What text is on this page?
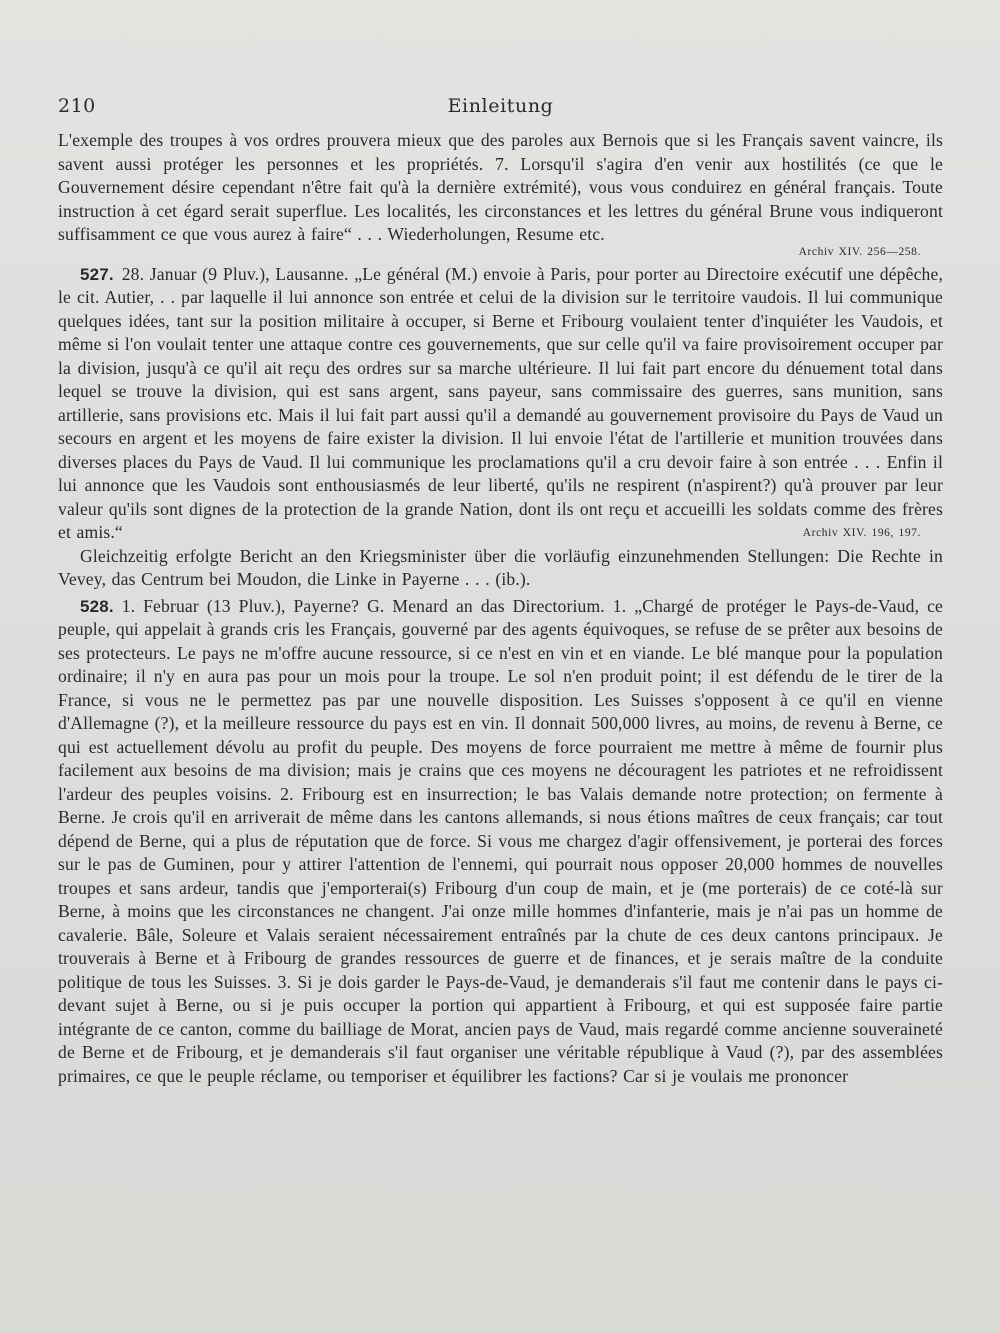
210	Einleitung

L'exemple des troupes à vos ordres prouvera mieux que des paroles aux Bernois que si les Français savent vaincre, ils savent aussi protéger les personnes et les propriétés. 7. Lorsqu'il s'agira d'en venir aux hostilités (ce que le Gouvernement désire cependant n'être fait qu'à la dernière extrémité), vous vous conduirez en général français. Toute instruction à cet égard serait superflue. Les localités, les circonstances et les lettres du général Brune vous indiqueront suffisamment ce que vous aurez à faire“ . . . Wiederholungen, Resume etc.

Archiv XIV. 256—258.

527. 28. Januar (9 Pluv.), Lausanne. „Le général (M.) envoie à Paris, pour porter au Directoire exécutif une dépêche, le cit. Autier, . . par laquelle il lui annonce son entrée et celui de la division sur le territoire vaudois. Il lui communique quelques idées, tant sur la position militaire à occuper, si Berne et Fribourg voulaient tenter d'inquiéter les Vaudois, et même si l'on voulait tenter une attaque contre ces gouvernements, que sur celle qu'il va faire provisoirement occuper par la division, jusqu'à ce qu'il ait reçu des ordres sur sa marche ultérieure. Il lui fait part encore du dénuement total dans lequel se trouve la division, qui est sans argent, sans payeur, sans commissaire des guerres, sans munition, sans artillerie, sans provisions etc. Mais il lui fait part aussi qu'il a demandé au gouvernement provisoire du Pays de Vaud un secours en argent et les moyens de faire exister la division. Il lui envoie l'état de l'artillerie et munition trouvées dans diverses places du Pays de Vaud. Il lui communique les proclamations qu'il a cru devoir faire à son entrée . . . Enfin il lui annonce que les Vaudois sont enthousiasmés de leur liberté, qu'ils ne respirent (n'aspirent?) qu'à prouver par leur valeur qu'ils sont dignes de la protection de la grande Nation, dont ils ont reçu et accueilli les soldats comme des frères et amis.“	Archiv XIV. 196, 197.

Gleichzeitig erfolgte Bericht an den Kriegsminister über die vorläufig einzunehmenden Stellungen: Die Rechte in Vevey, das Centrum bei Moudon, die Linke in Payerne . . . (ib.).

528. 1. Februar (13 Pluv.), Payerne? G. Menard an das Directorium. 1. „Chargé de protéger le Pays-de-Vaud, ce peuple, qui appelait à grands cris les Français, gouverné par des agents équivoques, se refuse de se prêter aux besoins de ses protecteurs. Le pays ne m'offre aucune ressource, si ce n'est en vin et en viande. Le blé manque pour la population ordinaire; il n'y en aura pas pour un mois pour la troupe. Le sol n'en produit point; il est défendu de le tirer de la France, si vous ne le permettez pas par une nouvelle disposition. Les Suisses s'opposent à ce qu'il en vienne d'Allemagne (?), et la meilleure ressource du pays est en vin. Il donnait 500,000 livres, au moins, de revenu à Berne, ce qui est actuellement dévolu au profit du peuple. Des moyens de force pourraient me mettre à même de fournir plus facilement aux besoins de ma division; mais je crains que ces moyens ne découragent les patriotes et ne refroidissent l'ardeur des peuples voisins. 2. Fribourg est en insurrection; le bas Valais demande notre protection; on fermente à Berne. Je crois qu'il en arriverait de même dans les cantons allemands, si nous étions maîtres de ceux français; car tout dépend de Berne, qui a plus de réputation que de force. Si vous me chargez d'agir offensivement, je porterai des forces sur le pas de Guminen, pour y attirer l'attention de l'ennemi, qui pourrait nous opposer 20,000 hommes de nouvelles troupes et sans ardeur, tandis que j'emporterai(s) Fribourg d'un coup de main, et je (me porterais) de ce coté-là sur Berne, à moins que les circonstances ne changent. J'ai onze mille hommes d'infanterie, mais je n'ai pas un homme de cavalerie. Bâle, Soleure et Valais seraient nécessairement entraînés par la chute de ces deux cantons principaux. Je trouverais à Berne et à Fribourg de grandes ressources de guerre et de finances, et je serais maître de la conduite politique de tous les Suisses. 3. Si je dois garder le Pays-de-Vaud, je demanderais s'il faut me contenir dans le pays ci-devant sujet à Berne, ou si je puis occuper la portion qui appartient à Fribourg, et qui est supposée faire partie intégrante de ce canton, comme du bailliage de Morat, ancien pays de Vaud, mais regardé comme ancienne souveraineté de Berne et de Fribourg, et je demanderais s'il faut organiser une véritable république à Vaud (?), par des assemblées primaires, ce que le peuple réclame, ou temporiser et équilibrer les factions? Car si je voulais me prononcer
